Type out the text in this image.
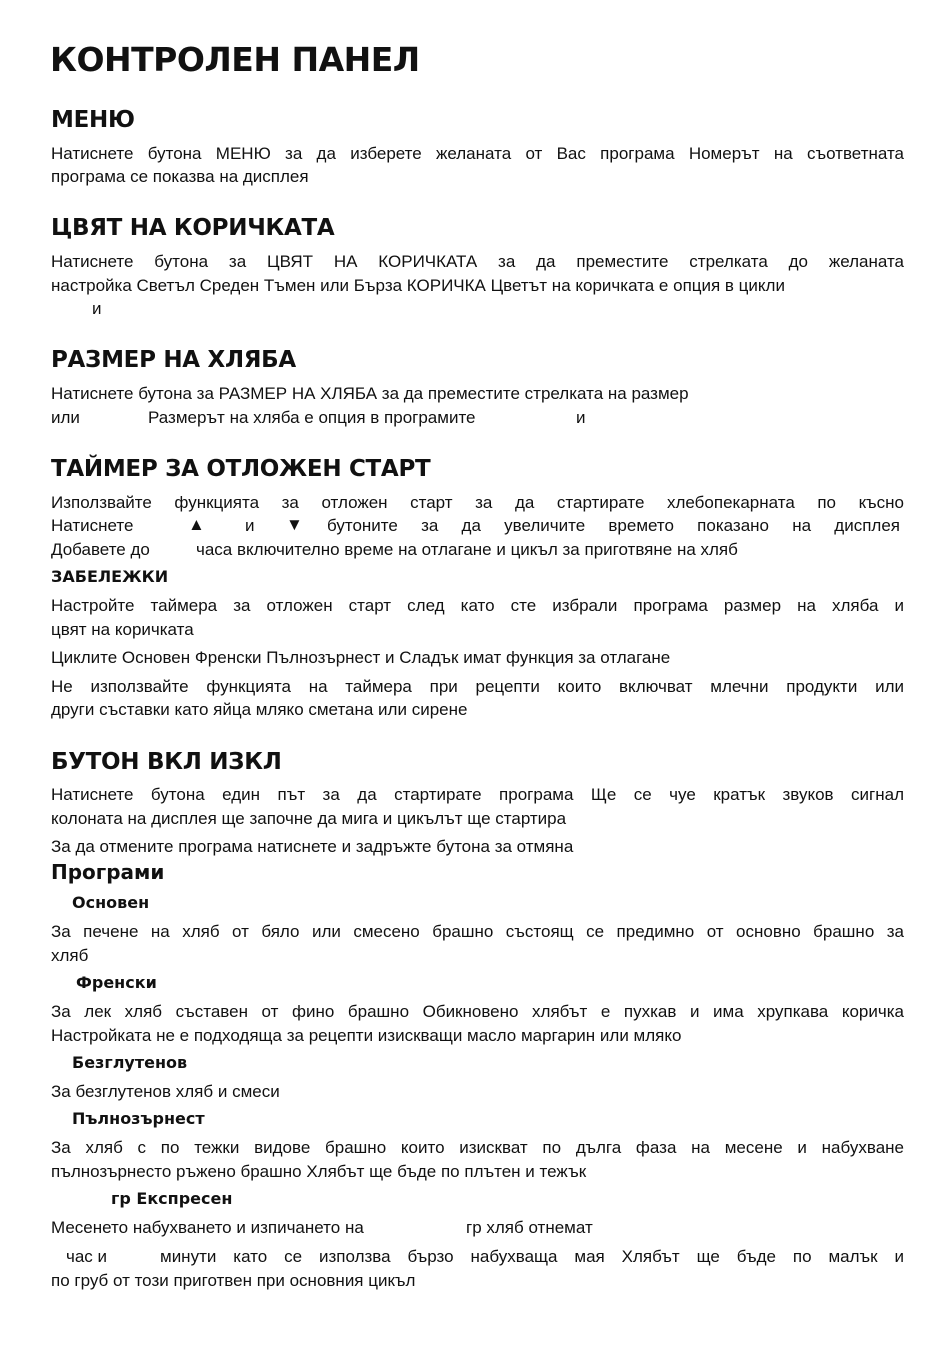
КОНТРОЛЕН ПАНЕЛ
МЕНЮ
Натиснете бутона МЕНЮ за да изберете желаната от Вас програма Номерът на съответната
програма се показва на дисплея
ЦВЯТ НА КОРИЧКАТА
Натиснете бутона за ЦВЯТ НА КОРИЧКАТА за да преместите стрелката до желаната
настройка Светъл Среден Тъмен или Бърза КОРИЧКА Цветът на коричката е опция в цикли
и
РАЗМЕР НА ХЛЯБА
Натиснете бутона за РАЗМЕР НА ХЛЯБА за да преместите стрелката на размер
или	Размерът на хляба е опция в програмите	и
ТАЙМЕР ЗА ОТЛОЖЕН СТАРТ
Използвайте функцията за отложен старт за да стартирате хлебопекарната по късно
Натиснете	▲ и	▼ бутоните за да увеличите времето показано на дисплея
Добавете до	часа включително време на отлагане и цикъл за приготвяне на хляб
ЗАБЕЛЕЖКИ
Настройте таймера за отложен старт след като сте избрали програма размер на хляба и
цвят на коричката
Циклите Основен Френски Пълнозърнест и Сладък имат функция за отлагане
Не използвайте функцията на таймера при рецепти които включват млечни продукти или
други съставки като яйца мляко сметана или сирене
БУТОН ВКЛ ИЗКЛ
Натиснете бутона един път за да стартирате програма Ще се чуе кратък звуков сигнал
колоната на дисплея ще започне да мига и цикълът ще стартира
За да отмените програма натиснете и задръжте бутона за отмяна
Програми
Основен
За печене на хляб от бяло или смесено брашно състоящ се предимно от основно брашно за
хляб
Френски
За лек хляб съставен от фино брашно Обикновено хлябът е пухкав и има хрупкава коричка
Настройката не е подходяща за рецепти изискващи масло маргарин или мляко
Безглутенов
За безглутенов хляб и смеси
Пълнозърнест
За хляб с по тежки видове брашно които изискват по дълга фаза на месене и набухване
пълнозърнесто ръжено брашно Хлябът ще бъде по плътен и тежък
гр Експресен
Месенето набухването и изпичането на	гр хляб отнемат
час и	минути като се използва бързо набухваща мая Хлябът ще бъде по малък и
по груб от този приготвен при основния цикъл
